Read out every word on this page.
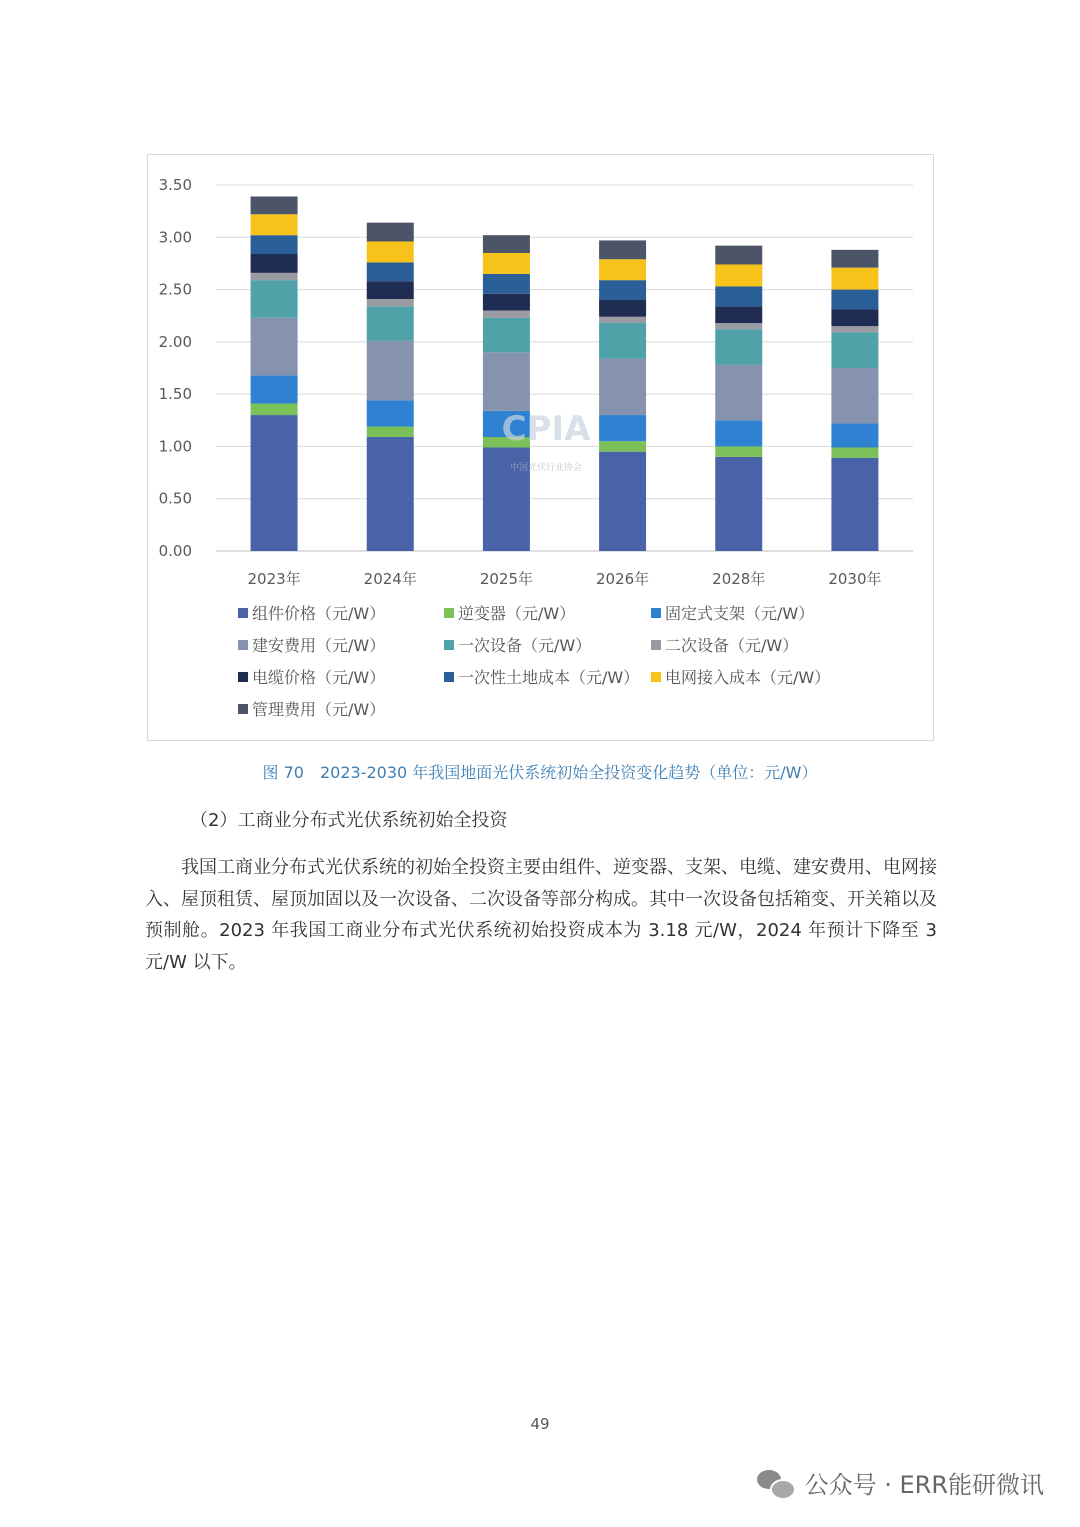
0.00
0.50
1.00
1.50
2.00
2.50
3.00
3.50
2023年	2024年	2025年	2026年	2028年	2030年
CPIA
中国光伏行业协会
组件价格（元/W）	逆变器（元/W）	固定式支架（元/W）
建安费用（元/W）	一次设备（元/W）	二次设备（元/W）
电缆价格（元/W）	一次性土地成本（元/W） 电网接入成本（元/W）
管理费用（元/W）
图 70　2023-2030 年我国地面光伏系统初始全投资变化趋势（单位：元/W）
（2）工商业分布式光伏系统初始全投资
我国工商业分布式光伏系统的初始全投资主要由组件、逆变器、支架、电缆、建安费用、电网接入、屋顶租赁、屋顶加固以及一次设备、二次设备等部分构成。其中一次设备包括箱变、开关箱以及预制舱。2023 年我国工商业分布式光伏系统初始投资成本为 3.18 元/W，2024 年预计下降至 3 元/W 以下。
49
公众号 · ERR能研微讯
